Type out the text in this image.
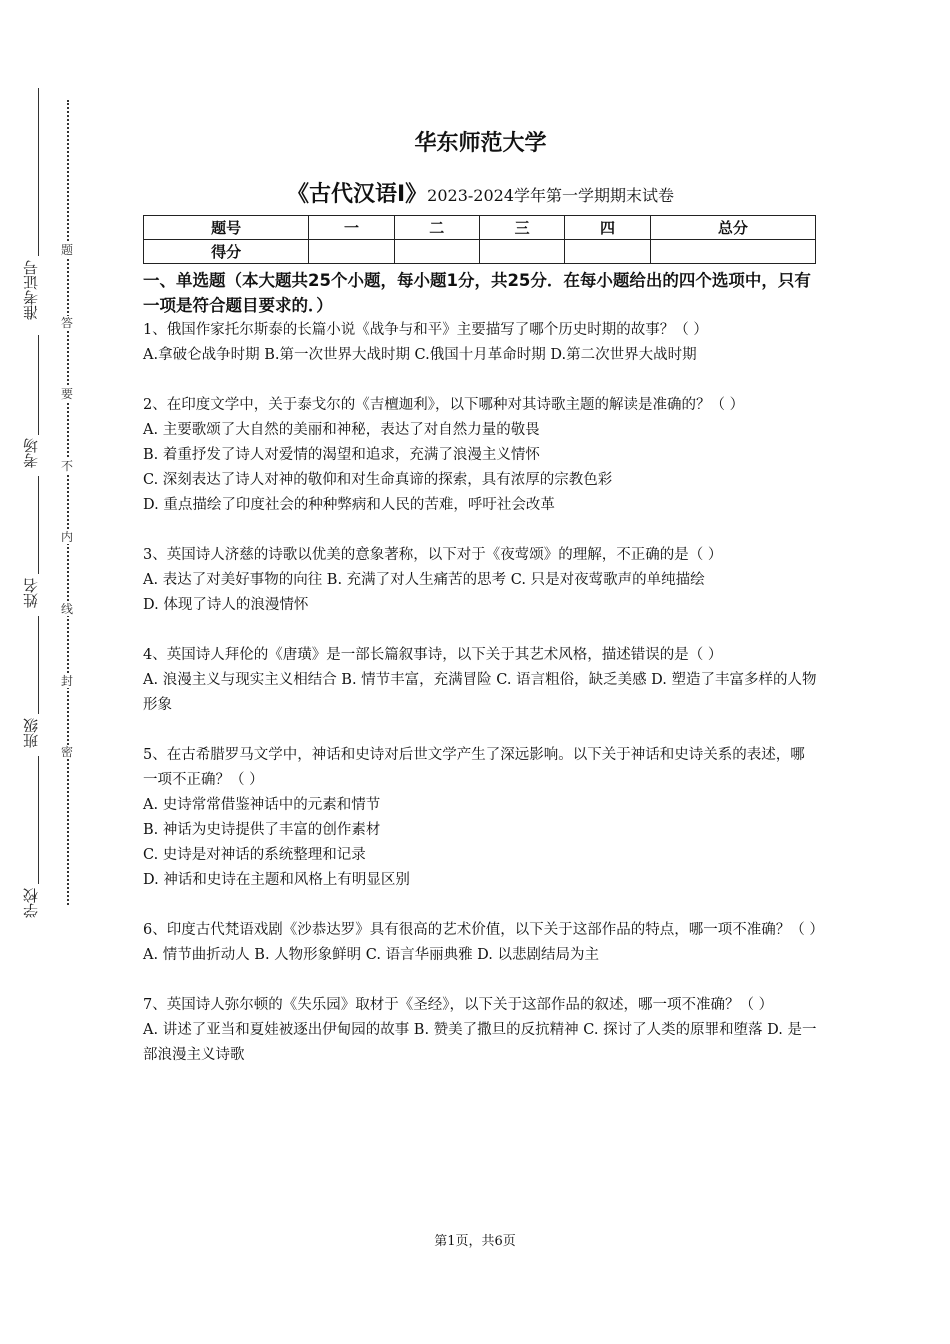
准考证号
考场
姓名
班级
学校
题
答
要
不
内
线
封
密
华东师范大学
《古代汉语Ⅰ》2023-2024学年第一学期期末试卷
题号	一	二	三	四	总分
得分					
一、单选题（本大题共25个小题，每小题1分，共25分．在每小题给出的四个选项中，只有一项是符合题目要求的．）

1、俄国作家托尔斯泰的长篇小说《战争与和平》主要描写了哪个历史时期的故事？（ ）

A.拿破仑战争时期 B.第一次世界大战时期 C.俄国十月革命时期 D.第二次世界大战时期

2、在印度文学中，关于泰戈尔的《吉檀迦利》，以下哪种对其诗歌主题的解读是准确的？（ ）

A. 主要歌颂了大自然的美丽和神秘，表达了对自然力量的敬畏

B. 着重抒发了诗人对爱情的渴望和追求，充满了浪漫主义情怀

C. 深刻表达了诗人对神的敬仰和对生命真谛的探索，具有浓厚的宗教色彩

D. 重点描绘了印度社会的种种弊病和人民的苦难，呼吁社会改革

3、英国诗人济慈的诗歌以优美的意象著称，以下对于《夜莺颂》的理解，不正确的是（ ）

A. 表达了对美好事物的向往 B. 充满了对人生痛苦的思考 C. 只是对夜莺歌声的单纯描绘

D. 体现了诗人的浪漫情怀

4、英国诗人拜伦的《唐璜》是一部长篇叙事诗，以下关于其艺术风格，描述错误的是（ ）

A. 浪漫主义与现实主义相结合 B. 情节丰富，充满冒险 C. 语言粗俗，缺乏美感 D. 塑造了丰富多样的人物形象

5、在古希腊罗马文学中，神话和史诗对后世文学产生了深远影响。以下关于神话和史诗关系的表述，哪一项不正确？（ ）

A. 史诗常常借鉴神话中的元素和情节

B. 神话为史诗提供了丰富的创作素材

C. 史诗是对神话的系统整理和记录

D. 神话和史诗在主题和风格上有明显区别

6、印度古代梵语戏剧《沙恭达罗》具有很高的艺术价值，以下关于这部作品的特点，哪一项不准确？（ ）

A. 情节曲折动人 B. 人物形象鲜明 C. 语言华丽典雅 D. 以悲剧结局为主

7、英国诗人弥尔顿的《失乐园》取材于《圣经》，以下关于这部作品的叙述，哪一项不准确？（ ）

A. 讲述了亚当和夏娃被逐出伊甸园的故事 B. 赞美了撒旦的反抗精神 C. 探讨了人类的原罪和堕落 D. 是一部浪漫主义诗歌

第1页，共6页
